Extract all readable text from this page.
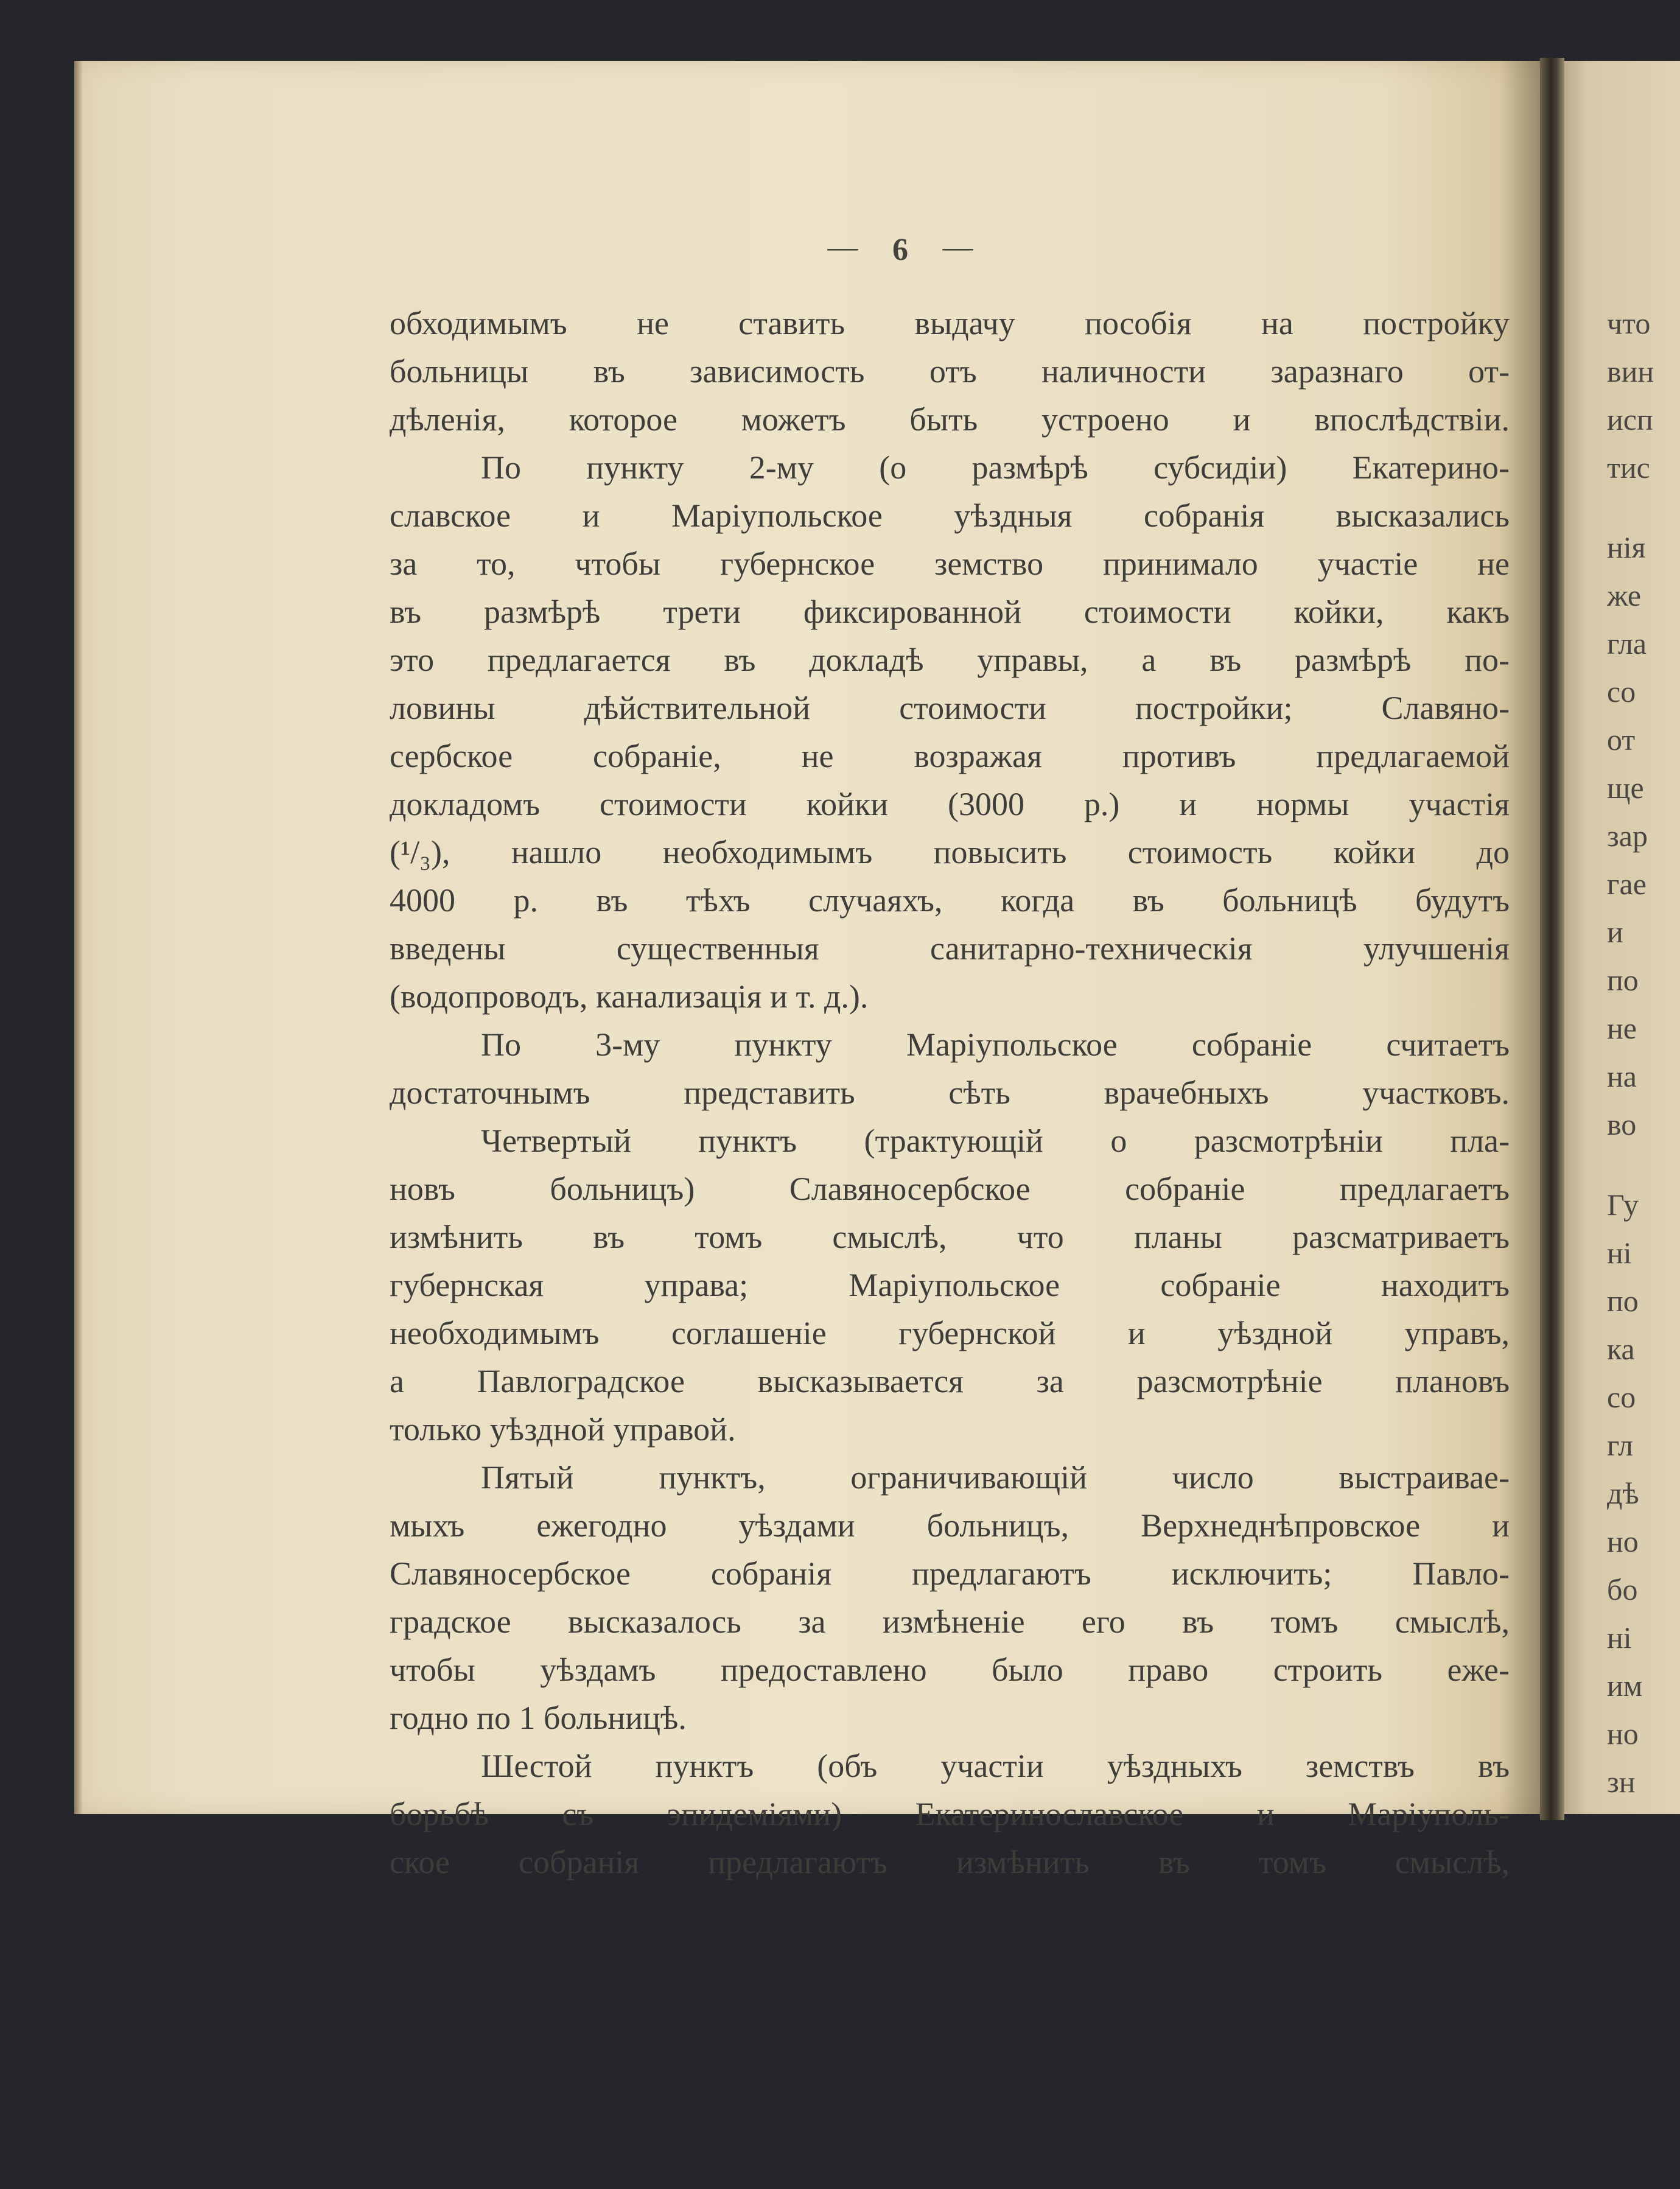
— 6 —
обходимымъ не ставить выдачу пособія на постройку
больницы въ зависимость отъ наличности заразнаго от-
дѣленія, которое можетъ быть устроено и впослѣдствіи.
По пункту 2-му (о размѣрѣ субсидіи) Екатерино-
славское и Маріупольское уѣздныя собранія высказались
за то, чтобы губернское земство принимало участіе не
въ размѣрѣ трети фиксированной стоимости койки, какъ
это предлагается въ докладѣ управы, а въ размѣрѣ по-
ловины дѣйствительной стоимости постройки; Славяно-
сербское собраніе, не возражая противъ предлагаемой
докладомъ стоимости койки (3000 р.) и нормы участія
(¹/₃), нашло необходимымъ повысить стоимость койки до
4000 р. въ тѣхъ случаяхъ, когда въ больницѣ будутъ
введены существенныя санитарно-техническія улучшенія
(водопроводъ, канализація и т. д.).
По 3-му пункту Маріупольское собраніе считаетъ
достаточнымъ представить сѣть врачебныхъ участковъ.
Четвертый пунктъ (трактующій о разсмотрѣніи пла-
новъ больницъ) Славяносербское собраніе предлагаетъ
измѣнить въ томъ смыслѣ, что планы разсматриваетъ
губернская управа; Маріупольское собраніе находитъ
необходимымъ соглашеніе губернской и уѣздной управъ,
а Павлоградское высказывается за разсмотрѣніе плановъ
только уѣздной управой.
Пятый пунктъ, ограничивающій число выстраивае-
мыхъ ежегодно уѣздами больницъ, Верхнеднѣпровское и
Славяносербское собранія предлагаютъ исключить; Павло-
градское высказалось за измѣненіе его въ томъ смыслѣ,
чтобы уѣздамъ предоставлено было право строить еже-
годно по 1 больницѣ.
Шестой пунктъ (объ участіи уѣздныхъ земствъ въ
борьбѣ съ эпидеміями) Екатеринославское и Маріуполь-
ское собранія предлагаютъ измѣнить въ томъ смыслѣ,
что
вин
исп
тис
нія
же
гла
со
от
ще
зар
гае
и
по
не
на
во
Гу
ні
по
ка
со
гл
дѣ
но
бо
ні
им
но
зн
